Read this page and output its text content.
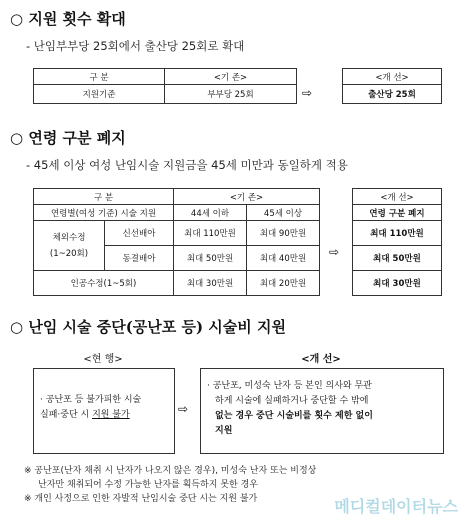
○ 지원 횟수 확대
- 난임부부당 25회에서 출산당 25회로 확대
구 분	<기 존>
지원기준	부부당 25회	⇨
<개 선>
출산당 25회
○ 연령 구분 폐지
- 45세 이상 여성 난임시술 지원금을 45세 미만과 동일하게 적용
구 분		<기 존>	
연령별(여성 기준) 시술 지원		44세 이하	45세 이상
체외수정
(1~20회)	신선배아	최대 110만원	최대 90만원
	동결배아	최대 50만원	최대 40만원
인공수정(1~5회)		최대 30만원	최대 20만원
⇨
<개 선>
연령 구분 폐지
최대 110만원
최대 50만원
최대 30만원
○ 난임 시술 중단(공난포 등) 시술비 지원
<현 행>
· 공난포 등 불가피한 시술
실패·중단 시 지원 불가	⇨
<개 선>
· 공난포, 미성숙 난자 등 본인 의사와 무관
하게 시술에 실패하거나 중단할 수 밖에
없는 경우 중단 시술비를 횟수 제한 없이
지원
※ 공난포(난자 채취 시 난자가 나오지 않은 경우), 미성숙 난자 또는 비정상
난자만 채취되어 수정 가능한 난자를 획득하지 못한 경우
※ 개인 사정으로 인한 자발적 난임시술 중단 시는 지원 불가	메디컬데이터뉴스
